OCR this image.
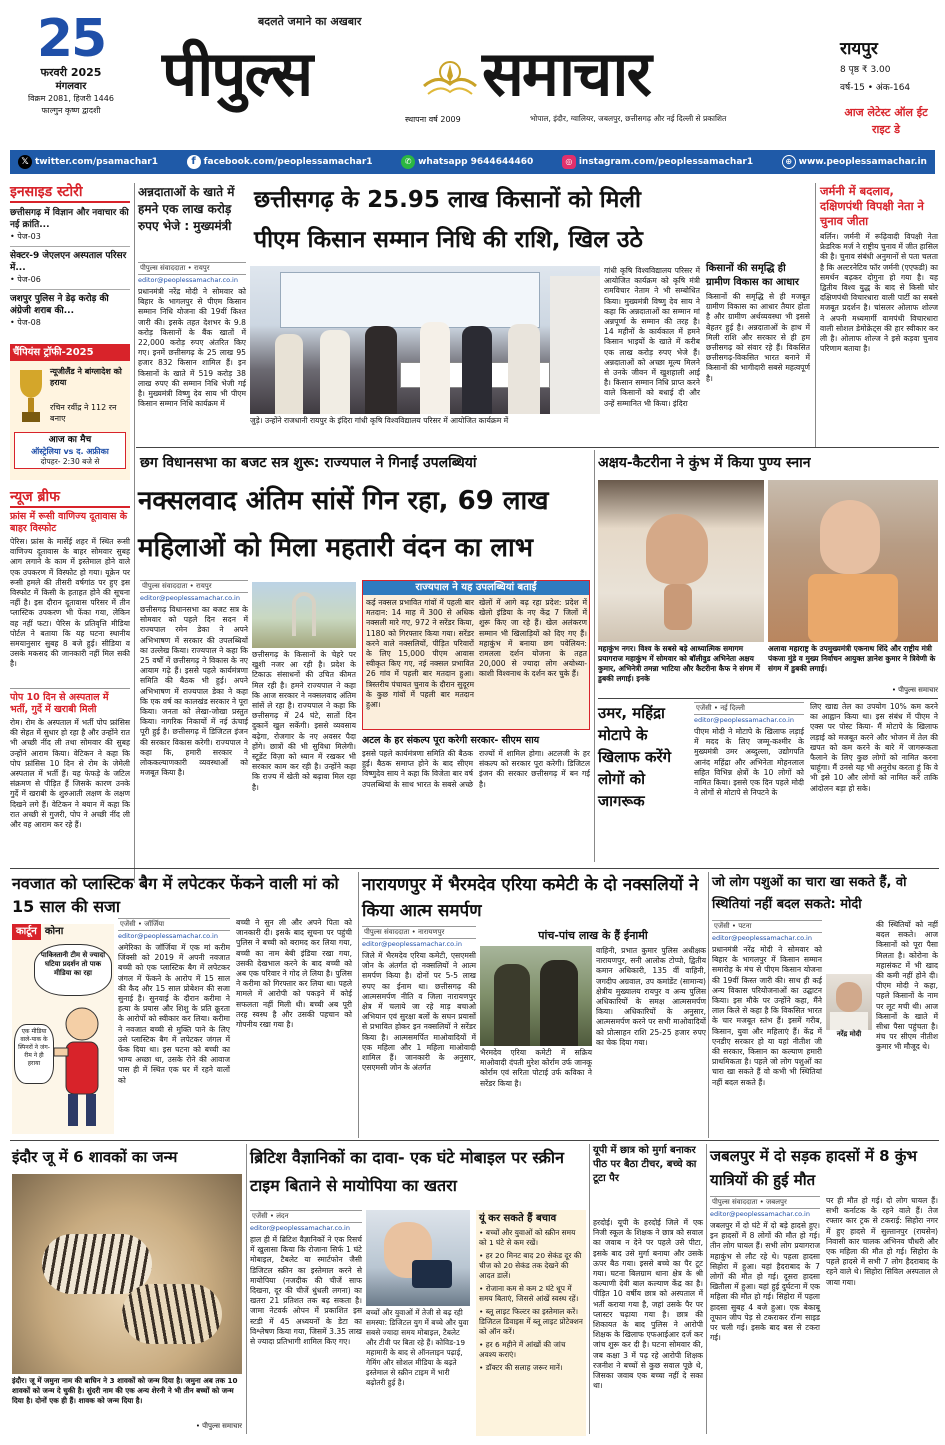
25
फरवरी 2025
मंगलवार
विक्रम 2081, हिजरी 1446
फाल्गुन कृष्ण द्वादशी
बदलते जमाने का अखबार
पीपुल्स	समाचार
स्थापना वर्ष 2009	भोपाल, इंदौर, ग्वालियर, जबलपुर, छत्तीसगढ़ और नई दिल्ली से प्रकाशित
रायपुर
8 पृष्ठ ₹ 3.00
वर्ष-15 • अंक-164
आज लेटेस्ट ऑल ईट राइट डे
𝕏 twitter.com/psamachar1	f facebook.com/peoplessamachar1	✆ whatsapp 9644644460	◎ instagram.com/peoplessamachar1	⊕ www.peoplessamachar.in
इनसाइड स्टोरी
छत्तीसगढ़ में विज्ञान और नवाचार की नई क्रांति...
• पेज-03
सेक्टर-9 जेएलएन अस्पताल परिसर में...
• पेज-06
जशपुर पुलिस ने डेढ़ करोड़ की अंग्रेजी शराब की...
• पेज-08
चैंपियंस ट्रॉफी-2025
न्यूजीलैंड ने बांग्लादेश को हराया
रचिन रवींद्र ने 112 रन बनाए
आज का मैच
ऑस्ट्रेलिया vs द. अफ्रीका
दोपहर- 2:30 बजे से
न्यूज ब्रीफ
फ्रांस में रूसी वाणिज्य दूतावास के बाहर विस्फोट
पेरिस। फ्रांस के मार्सेई शहर में स्थित रूसी वाणिज्य दूतावास के बाहर सोमवार सुबह आग लगाने के काम में इस्तेमाल होने वाले एक उपकरण में विस्फोट हो गया। यूक्रेन पर रूसी हमले की तीसरी वर्षगांठ पर हुए इस विस्फोट में किसी के हताहत होने की सूचना नहीं है। इस दौरान दूतावास परिसर में तीन प्लास्टिक उपकरण भी फेंका गया, लेकिन वह नहीं फटा। पेरिस के प्रतिवृत्ति मीडिया पोर्टल ने बताया कि यह घटना स्थानीय समयानुसार सुबह 8 बजे हुई। सीडिया व उसके मकसद की जानकारी नहीं मिल सकी है।
पोप 10 दिन से अस्पताल में भर्ती, गुर्दे में खराबी मिली
रोम। रोम के अस्पताल में भर्ती पोप फ्रांसिस की सेहत में सुधार हो रहा है और उन्होंने रात भी अच्छी नींद ली तथा सोमवार की सुबह उन्होंने आराम किया। वेटिकन ने कहा कि पोप फ्रांसिस 10 दिन से रोम के जेमेली अस्पताल में भर्ती हैं। यह फेफड़े के जटिल संक्रमण से पीड़ित हैं जिसके कारण उनके गुर्दे में खराबी के शुरुआती लक्षण के लक्षण दिखने लगे हैं। वेटिकन ने बयान में कहा कि रात अच्छी से गुजरी, पोप ने अच्छी नींद ली और वह आराम कर रहे हैं।
अन्नदाताओं के खाते में हमने एक लाख करोड़ रुपए भेजे : मुख्यमंत्री
छत्तीसगढ़ के 25.95 लाख किसानों को मिली पीएम किसान सम्मान निधि की राशि, खिल उठे
पीपुल्स संवाददाता • रायपुर
editor@peoplessamachar.co.in
प्रधानमंत्री नरेंद्र मोदी ने सोमवार को बिहार के भागलपुर से पीएम किसान सम्मान निधि योजना की 19वीं किश्त जारी की। इसके तहत देशभर के 9.8 करोड़ किसानों के बैंक खातों में 22,000 करोड़ रुपए अंतरित किए गए। इनमें छत्तीसगढ़ के 25 लाख 95 हजार 832 किसान शामिल हैं। इन किसानों के खाते में 519 करोड़ 38 लाख रुपए की सम्मान निधि भेजी गई है। मुख्यमंत्री विष्णु देव साय भी पीएम किसान सम्मान निधि कार्यक्रम में
जुड़े। उन्होंने राजधानी रायपुर के इंदिरा गांधी कृषि विश्वविद्यालय परिसर में आयोजित कार्यक्रम में
गांधी कृषि विश्वविद्यालय परिसर में आयोजित कार्यक्रम को कृषि मंत्री रामविचार नेताम ने भी सम्बोधित किया। मुख्यमंत्री विष्णु देव साय ने कहा कि अन्नदाताओं का सम्मान मां अन्नपूर्णा के सम्मान की तरह है। 14 महीनों के कार्यकाल में हमने किसान भाइयों के खाते में करीब एक लाख करोड़ रुपए भेजे हैं। अन्नदाताओं को अच्छा मूल्य मिलने से उनके जीवन में खुशहाली आई है। किसान सम्मान निधि प्राप्त करने वाले किसानों को बधाई दी और उन्हें सम्मानित भी किया। इंदिरा
किसानों की समृद्धि ही ग्रामीण विकास का आधार
किसानों की समृद्धि से ही मजबूत ग्रामीण विकास का आधार तैयार होता है और ग्रामीण अर्थव्यवस्था भी इससे बेहतर हुई है। अन्नदाताओं के हाथ में मिली राशि और सरकार से ही हम छत्तीसगढ़ को संवार रहे हैं। विकसित छत्तीसगढ़-विकसित भारत बनाने में किसानों की भागीदारी सबसे महत्वपूर्ण है।
जर्मनी में बदलाव, दक्षिणपंथी विपक्षी नेता ने चुनाव जीता
बर्लिन। जर्मनी में रूढ़िवादी विपक्षी नेता फ्रेडरिक मर्ज ने राष्ट्रीय चुनाव में जीत हासिल की है। चुनाव संबंधी अनुमानों से पता चलता है कि अल्टरनेटिव फॉर जर्मनी (एएफडी) का समर्थन बढ़कर दोगुना हो गया है। यह द्वितीय विश्व युद्ध के बाद से किसी घोर दक्षिणपंथी विचारधारा वाली पार्टी का सबसे मजबूत प्रदर्शन है। चांसलर ओलाफ शोल्ज ने अपनी मध्यमार्गी वामपंथी विचारधारा वाली सोशल डेमोक्रेट्स की हार स्वीकार कर ली है। ओलाफ शोल्ज ने इसे कड़वा चुनाव परिणाम बताया है।
छग विधानसभा का बजट सत्र शुरू: राज्यपाल ने गिनाईं उपलब्धियां
नक्सलवाद अंतिम सांसें गिन रहा, 69 लाख महिलाओं को मिला महतारी वंदन का लाभ
पीपुल्स संवाददाता • रायपुर
editor@peoplessamachar.co.in
छत्तीसगढ़ विधानसभा का बजट सत्र के सोमवार को पहले दिन सदन में राज्यपाल रमेन डेका ने अपने अभिभाषण में सरकार की उपलब्धियों का उल्लेख किया। राज्यपाल ने कहा कि 25 वर्षों में छत्तीसगढ़ ने विकास के नए आयाम गढ़े हैं। इससे पहले कार्यमंत्रणा समिति की बैठक भी हुई। अपने अभिभाषण में राज्यपाल डेका ने कहा कि एक वर्ष का कालखंड सरकार ने पूरा किया। जनता को लेखा-जोखा प्रस्तुत किया। नागरिक निकायों में नई ऊंचाई पूरी हुई है। छत्तीसगढ़ में डिजिटल इंजन की सरकार विकास करेगी। राज्यपाल ने कहा कि, हमारी सरकार ने लोककल्याणकारी व्यवस्थाओं को मजबूत किया है।
छत्तीसगढ़ के किसानों के चेहरे पर खुशी नजर आ रही है। प्रदेश के टिकाऊ संसाधनों की उचित कीमत मिल रही है। हमने राज्यपाल ने कहा कि आज सरकार ने नक्सलवाद अंतिम सांसें ले रहा है। राज्यपाल ने कहा कि छत्तीसगढ़ में 24 घंटे, सातों दिन दुकानें खुल सकेंगी। इससे व्यवसाय बढ़ेगा, रोजगार के नए अवसर पैदा होंगे। छात्रों की भी सुविधा मिलेगी। स्टूडेंट विज़ा को ध्यान में रखकर भी सरकार काम कर रही है। उन्होंने कहा कि राज्य में खेती को बढ़ावा मिल रहा है।
राज्यपाल ने यह उपलब्धियां बताईं
कई नक्सल प्रभावित गांवों में पहली बार मतदान: 14 माह में 300 से अधिक नक्सली मारे गए, 972 ने सरेंडर किया, 1180 को गिरफ्तार किया गया। सरेंडर करने वाले नक्सलियों, पीड़ित परिवारों के लिए 15,000 पीएम आवास स्वीकृत किए गए, नई नक्सल प्रभावित 26 गांव में पहली बार मतदान हुआ। त्रिस्तरीय पंचायत चुनाव के दौरान सुदूरम के कुछ गांवों में पहली बार मतदान हुआ।
खेलों में आगे बढ़ रहा प्रदेश: प्रदेश में खेलो इंडिया के नए केंद्र 7 जिलों में शुरू किए जा रहे हैं। खेल अलंकरण सम्मान भी खिलाड़ियों को दिए गए हैं। महाकुंभ में बनाया छग पवेलियन: रामलला दर्शन योजना के तहत 20,000 से ज्यादा लोग अयोध्या-काशी विश्वनाथ के दर्शन कर चुके हैं।
अटल के हर संकल्प पूरा करेगी सरकार- सीएम साय
इससे पहले कार्यमंत्रणा समिति की बैठक हुई। बैठक समाप्त होने के बाद सीएम विष्णुदेव साय ने कहा कि विजेता बार वर्ष उपलब्धियां के साथ भारत के सबसे अच्छे राज्यों में शामिल होगा। अटलजी के हर संकल्प को सरकार पूरा करेगी। डिजिटल इंजन की सरकार छत्तीसगढ़ में बन गई है।
अक्षय-कैटरीना ने कुंभ में किया पुण्य स्नान
महाकुंभ नगर। विश्व के सबसे बड़े आध्यात्मिक समागम प्रयागराज महाकुंभ में सोमवार को बॉलीवुड अभिनेता अक्षय कुमार, अभिनेत्री तमन्ना भाटिया और कैटरीना कैफ ने संगम में डुबकी लगाई। इनके
अलावा महाराष्ट्र के उपमुख्यमंत्री एकनाथ शिंदे और राष्ट्रीय मंत्री पंकजा मुंडे व मुख्य निर्वाचन आयुक्त ज्ञानेश कुमार ने त्रिवेणी के संगम में डुबकी लगाई।
• पीपुल्स समाचार
उमर, महिंद्रा मोटापे के खिलाफ करेंगे लोगों को जागरूक
एजेंसी • नई दिल्ली
editor@peoplessamachar.co.in
पीएम मोदी ने मोटापे के खिलाफ लड़ाई में मदद के लिए जम्मू-कश्मीर के मुख्यमंत्री उमर अब्दुल्ला, उद्योगपति आनंद महिंद्रा और अभिनेता मोहनलाल सहित विभिन्न क्षेत्रों के 10 लोगों को नामित किया। इससे एक दिन पहले मोदी ने लोगों से मोटापे से निपटने के
लिए खाद्य तेल का उपयोग 10% कम करने का आह्वान किया था। इस संबंध में पीएम ने एक्स पर पोस्ट किया- मैं मोटापे के खिलाफ लड़ाई को मजबूत करने और भोजन में तेल की खपत को कम करने के बारे में जागरूकता फैलाने के लिए कुछ लोगों को नामित करना चाहूंगा। मैं उनसे यह भी अनुरोध करता हूं कि वे भी इसे 10 और लोगों को नामित करें ताकि आंदोलन बड़ा हो सके।
नवजात को प्लास्टिक बैग में लपेटकर फेंकने वाली मां को 15 साल की सजा
एजेंसी • जॉर्जिया
editor@peoplessamachar.co.in
अमेरिका के जॉर्जिया में एक मां करीम जिंक्सी को 2019 में अपनी नवजात बच्ची को एक प्लास्टिक बैग में लपेटकर जंगल में फेंकने के आरोप में 15 साल की कैद और 15 साल प्रोबेशन की सजा सुनाई है। सुनवाई के दौरान करीमा ने हत्या के प्रयास और शिशु के प्रति क्रूरता के आरोपों को स्वीकार कर लिया। करीमा ने नवजात बच्ची से मुक्ति पाने के लिए उसे प्लास्टिक बैग में लपेटकर जंगल में फेंक दिया था। इस घटना को बच्ची का भाग्य अच्छा था, उसके रोने की आवाज पास ही में स्थित एक घर में रहने वालों को
बच्ची ने सुन ली और अपने पिता को जानकारी दी। इसके बाद सूचना पर पहुंची पुलिस ने बच्ची को बरामद कर लिया गया, बच्ची का नाम बेबी इंडिया रखा गया, उसकी देखभाल करने के बाद बच्ची को अब एक परिवार ने गोद ले लिया है। पुलिस ने करीमा को गिरफ्तार कर लिया था। पहले मामले में आरोपी को पकड़ने में कोई सफलता नहीं मिली थी। बच्ची अब पूरी तरह स्वस्थ है और उसकी पहचान को गोपनीय रखा गया है।
कार्टून कोना
पाकिस्तानी टीम से ज्यादा घटिया प्रदर्शन तो पाक मीडिया का रहा
एक मीडिया वाले-पाक के स्पिनरों ने जंग-रीम ने ही हराया
नारायणपुर में भैरमदेव एरिया कमेटी के दो नक्सलियों ने किया आत्म समर्पण
पांच-पांच लाख के हैं ईनामी
पीपुल्स संवाददाता • नारायणपुर
editor@peoplessamachar.co.in
जिले में भैरमदेव एरिया कमेटी, एसएमसी जोन के अंतर्गत दो नक्सलियों ने आत्म समर्पण किया है। दोनों पर 5-5 लाख रुपए का ईनाम था। छत्तीसगढ़ की आत्मसमर्पण नीति व जिला नारायणपुर क्षेत्र में चलाये जा रहे माड़ बचाओ अभियान एवं सुरक्षा बलों के सघन प्रयासों से प्रभावित होकर इन नक्सलियों ने सरेंडर किया है। आत्मसमर्पित माओवादियों में एक महिला और 1 महिला माओवादी शामिल हैं। जानकारी के अनुसार, एसएमसी जोन के अंतर्गत
भैरमदेव एरिया कमेटी में सक्रिय माओवादी दंपती मुरेश कोर्राम उर्फ जानकू कोर्राम एवं सरिता पोटाई उर्फ कविका ने सरेंडर किया है।
वाहिनी, प्रभात कुमार पुलिस अधीक्षक नारायणपुर, सनी आलोक टोप्पो, द्वितीय कमान अधिकारी, 135 वीं वाहिनी, जगदीप अग्रवाल, उप कमांडेंट (सामान्य) क्षेत्रीय मुख्यालय रायपुर व अन्य पुलिस अधिकारियों के समक्ष आत्मसमर्पण किया। अधिकारियों के अनुसार, आत्मसमर्पण करने पर सभी माओवादियों को प्रोत्साहन राशि 25-25 हजार रुपए का चेक दिया गया।
जो लोग पशुओं का चारा खा सकते हैं, वो स्थितियां नहीं बदल सकते: मोदी
एजेंसी • पटना
editor@peoplessamachar.co.in
प्रधानमंत्री नरेंद्र मोदी ने सोमवार को बिहार के भागलपुर में किसान सम्मान समारोह के मंच से पीएम किसान योजना की 19वीं किस्त जारी की। साथ ही कई अन्य विकास परियोजनाओं का उद्घाटन किया। इस मौके पर उन्होंने कहा, मैंने लाल किले से कहा है कि विकसित भारत के चार मजबूत स्तंभ हैं। इसमें गरीब, किसान, युवा और महिलाएं हैं। केंद्र में एनडीए सरकार हो या यहां नीतीश जी की सरकार, किसान का कल्याण हमारी प्राथमिकता है। पहले जो लोग पशुओं का चारा खा सकते हैं वो कभी भी स्थितियां नहीं बदल सकते हैं।
नरेंद्र मोदी
की स्थितियों को नहीं बदल सकते। आज किसानों को पूरा पैसा मिलता है। कोरोना के महासंकट में भी खाद की कमी नहीं होने दी। पीएम मोदी ने कहा, पहले किसानों के नाम पर लूट मची थी। आज किसानों के खाते में सीधा पैसा पहुंचता है। मंच पर सीएम नीतीश कुमार भी मौजूद थे।
इंदौर जू में 6 शावकों का जन्म
इंदौर। जू में जमुना नाम की बाघिन ने 3 शावकों को जन्म दिया है। जमुना अब तक 10 शावकों को जन्म दे चुकी है। सुंदरी नाम की एक अन्य शेरनी ने भी तीन बच्चों को जन्म दिया है। दोनों एक ही हैं। शावक को जन्म दिया है।
• पीपुल्स समाचार
ब्रिटिश वैज्ञानिकों का दावा- एक घंटे मोबाइल पर स्क्रीन टाइम बिताने से मायोपिया का खतरा
एजेंसी • लंदन
editor@peoplessamachar.co.in
हाल ही में ब्रिटिश वैज्ञानिकों ने एक रिसर्च में खुलासा किया कि रोजाना सिर्फ 1 घंटे मोबाइल, टैबलेट या स्मार्टफोन जैसी डिजिटल स्क्रीन का इस्तेमाल करने से मायोपिया (नजदीक की चीजें साफ दिखना, दूर की चीजें धुंधली लगना) का खतरा 21 प्रतिशत तक बढ़ सकता है। जामा नेटवर्क ओपन में प्रकाशित इस स्टडी में 45 अध्ययनों के डेटा का विश्लेषण किया गया, जिसमें 3.35 लाख से ज्यादा प्रतिभागी शामिल किए गए।
बच्चों और युवाओं में तेजी से बढ़ रही समस्या: डिजिटल युग में बच्चे और युवा सबसे ज्यादा समय मोबाइल, टैबलेट और टीवी पर बिता रहे हैं। कोविड-19 महामारी के बाद से ऑनलाइन पढ़ाई, गेमिंग और सोशल मीडिया के बढ़ते इस्तेमाल से स्क्रीन टाइम में भारी बढ़ोतरी हुई है।
यूं कर सकते हैं बचाव
• बच्चों और युवाओं को स्क्रीन समय को 1 घंटे से कम रखें।
• हर 20 मिनट बाद 20 सेकंड दूर की चीज को 20 सेकंड तक देखने की आदत डालें।
• रोजाना कम से कम 2 घंटे धूप में समय बिताएं, जिससे आंखें स्वस्थ रहें।
• ब्लू लाइट फिल्टर का इस्तेमाल करें। डिजिटल डिवाइस में ब्लू लाइट प्रोटेक्शन को ऑन करें।
• हर 6 महीने में आंखों की जांच अवश्य कराएं।
• डॉक्टर की सलाह जरूर मानें।
यूपी में छात्र को मुर्गा बनाकर पीठ पर बैठा टीचर, बच्चे का टूटा पैर
हरदोई। यूपी के हरदोई जिले में एक निजी स्कूल के शिक्षक ने छात्र को सवाल का जवाब न देने पर पहले उसे पीटा, इसके बाद उसे मुर्गा बनाया और उसके ऊपर बैठ गया। इससे बच्चे का पैर टूट गया। घटना बिलग्राम थाना क्षेत्र के श्री कल्याणी देवी बाल कल्याण केंद्र का है। पीड़ित 10 वर्षीय छात्र को अस्पताल में भर्ती कराया गया है, जहां उसके पैर पर प्लास्टर चढ़ाया गया है। छात्र की शिकायत के बाद पुलिस ने आरोपी शिक्षक के खिलाफ एफआईआर दर्ज कर जांच शुरू कर दी है। घटना सोमवार की, जब कक्षा 3 में पढ़ रहे आरोपी शिक्षक रजनीश ने बच्चों से कुछ सवाल पूछे थे, जिसका जवाब एक बच्चा नहीं दे सका था।
जबलपुर में दो सड़क हादसों में 8 कुंभ यात्रियों की हुई मौत
पीपुल्स संवाददाता • जबलपुर
editor@peoplessamachar.co.in
जबलपुर में दो घंटे में दो बड़े हादसे हुए। इन हादसों में 8 लोगों की मौत हो गई। तीन लोग घायल हैं। सभी लोग प्रयागराज महाकुंभ से लौट रहे थे। पहला हादसा सिहोरा में हुआ। यहां हैदराबाद के 7 लोगों की मौत हो गई। दूसरा हादसा खितौला में हुआ। यहां हुई दुर्घटना में एक महिला की मौत हो गई। सिहोरा में पहला हादसा सुबह 4 बजे हुआ। एक बेकाबू तूफान जीप पेड़ से टकराकर रॉन्ग साइड पर चली गई। इसके बाद बस से टकरा गई।
पर ही मौत हो गई। दो लोग घायल हैं। सभी कर्नाटक के रहने वाले हैं। तेज रफ्तार कार ट्रक से टकराई: सिहोरा नगर में हुए हादसे में सुल्तानपुर (रायसेन) निवासी कार चालक अभिनव चौधरी और एक महिला की मौत हो गई। सिहोरा के पहले हादसे में सभी 7 लोग हैदराबाद के रहने वाले थे। सिहोरा सिविल अस्पताल ले जाया गया।
